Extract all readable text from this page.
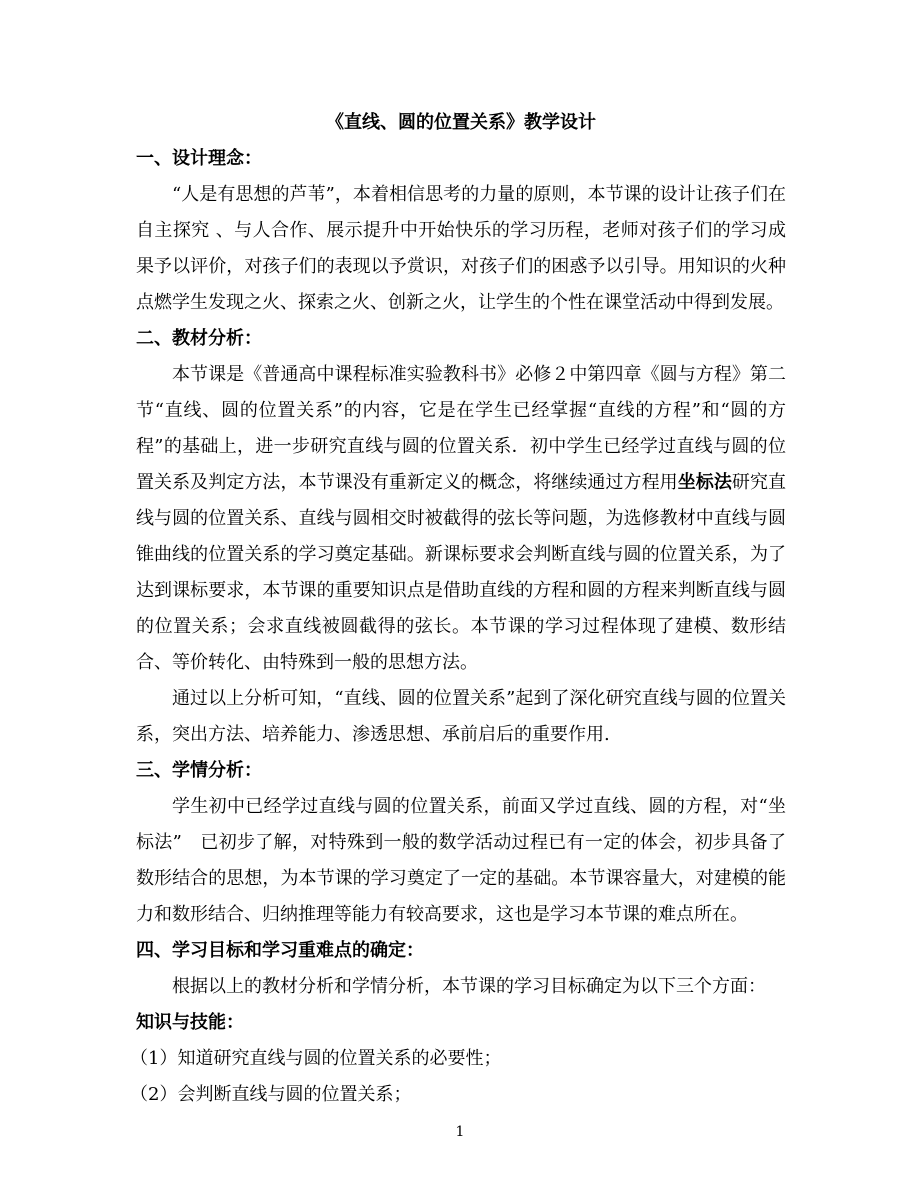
《直线、圆的位置关系》教学设计

一、设计理念：

“人是有思想的芦苇”，本着相信思考的力量的原则，本节课的设计让孩子们在自主探究 、与人合作、展示提升中开始快乐的学习历程，老师对孩子们的学习成果予以评价，对孩子们的表现以予赏识，对孩子们的困惑予以引导。用知识的火种点燃学生发现之火、探索之火、创新之火，让学生的个性在课堂活动中得到发展。

二、教材分析：

本节课是《普通高中课程标准实验教科书》必修２中第四章《圆与方程》第二节“直线、圆的位置关系”的内容，它是在学生已经掌握“直线的方程”和“圆的方程”的基础上，进一步研究直线与圆的位置关系．初中学生已经学过直线与圆的位置关系及判定方法，本节课没有重新定义的概念，将继续通过方程用坐标法研究直线与圆的位置关系、直线与圆相交时被截得的弦长等问题，为选修教材中直线与圆锥曲线的位置关系的学习奠定基础。新课标要求会判断直线与圆的位置关系，为了达到课标要求，本节课的重要知识点是借助直线的方程和圆的方程来判断直线与圆的位置关系；会求直线被圆截得的弦长。本节课的学习过程体现了建模、数形结合、等价转化、由特殊到一般的思想方法。

通过以上分析可知，“直线、圆的位置关系”起到了深化研究直线与圆的位置关系，突出方法、培养能力、渗透思想、承前启后的重要作用.

三、学情分析：

学生初中已经学过直线与圆的位置关系，前面又学过直线、圆的方程，对“坐标法”　已初步了解，对特殊到一般的数学活动过程已有一定的体会，初步具备了数形结合的思想，为本节课的学习奠定了一定的基础。本节课容量大，对建模的能力和数形结合、归纳推理等能力有较高要求，这也是学习本节课的难点所在。

四、学习目标和学习重难点的确定：

根据以上的教材分析和学情分析，本节课的学习目标确定为以下三个方面：

知识与技能：

（1）知道研究直线与圆的位置关系的必要性；

（2）会判断直线与圆的位置关系；

1
